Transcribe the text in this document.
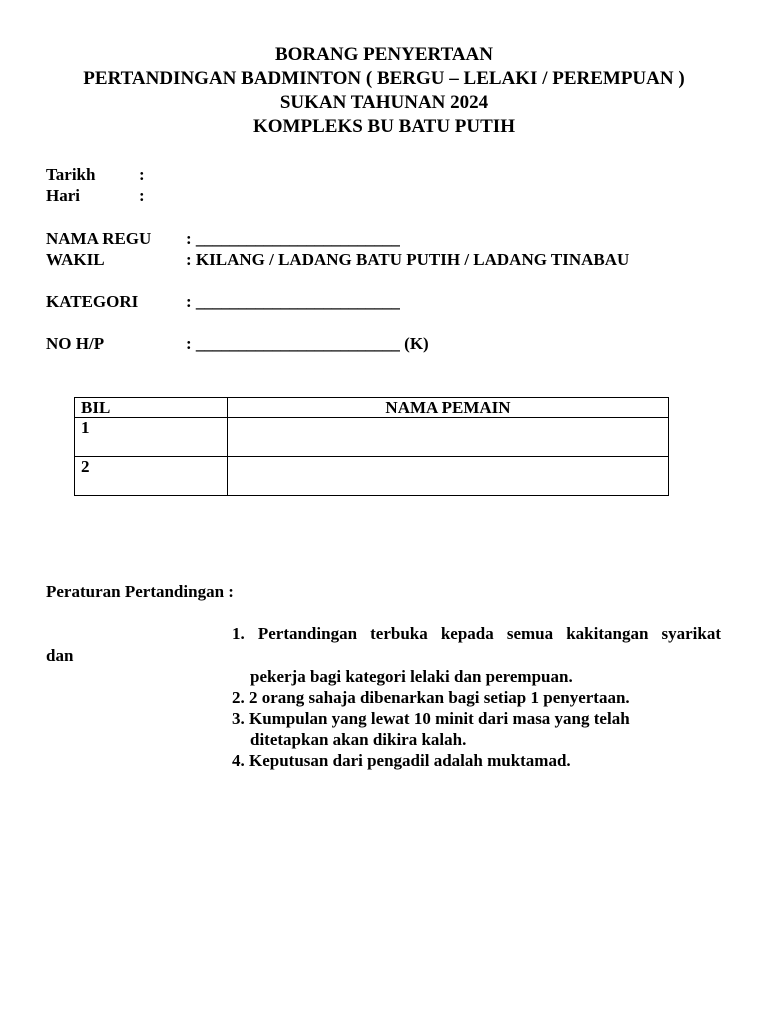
BORANG PENYERTAAN
PERTANDINGAN BADMINTON ( BERGU – LELAKI / PEREMPUAN )
SUKAN TAHUNAN 2024
KOMPLEKS BU BATU PUTIH
Tarikh	:
Hari	:
NAMA REGU : ________________________
WAKIL	: KILANG / LADANG BATU PUTIH / LADANG TINABAU
KATEGORI	: ________________________
NO H/P	: ________________________ (K)
BIL	NAMA PEMAIN
1	
2	
Peraturan Pertandingan :
1. Pertandingan terbuka kepada semua kakitangan syarikat
dan
pekerja bagi kategori lelaki dan perempuan.
2. 2 orang sahaja dibenarkan bagi setiap 1 penyertaan.
3. Kumpulan yang lewat 10 minit dari masa yang telah
ditetapkan akan dikira kalah.
4. Keputusan dari pengadil adalah muktamad.
